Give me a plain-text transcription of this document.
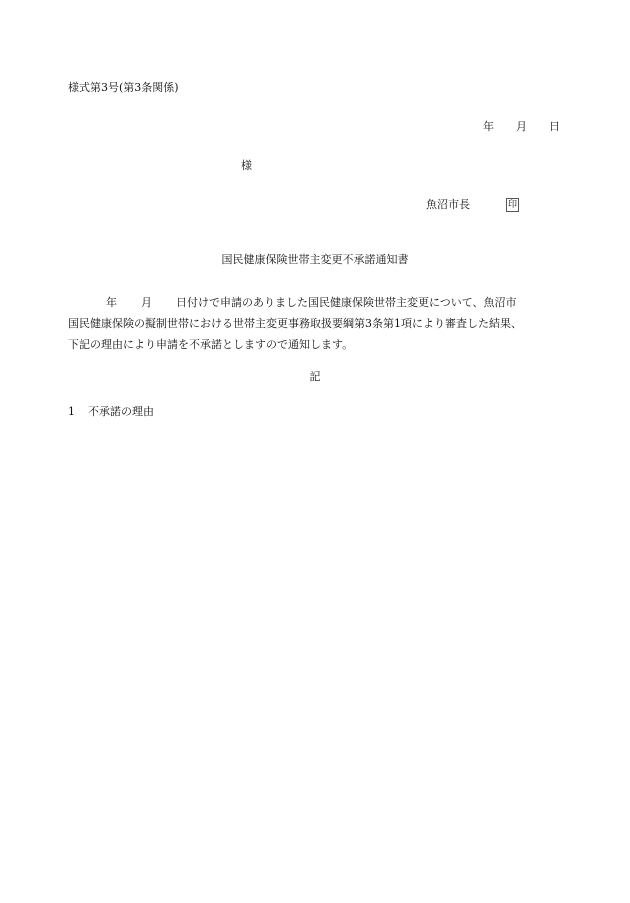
様式第3号(第3条関係)
年 月 日
様
魚沼市長	印
国民健康保険世帯主変更不承諾通知書
年 月 日付けで申請のありました国民健康保険世帯主変更について、魚沼市
国民健康保険の擬制世帯における世帯主変更事務取扱要綱第3条第1項により審査した結果、
下記の理由により申請を不承諾としますので通知します。
記
1 不承諾の理由
